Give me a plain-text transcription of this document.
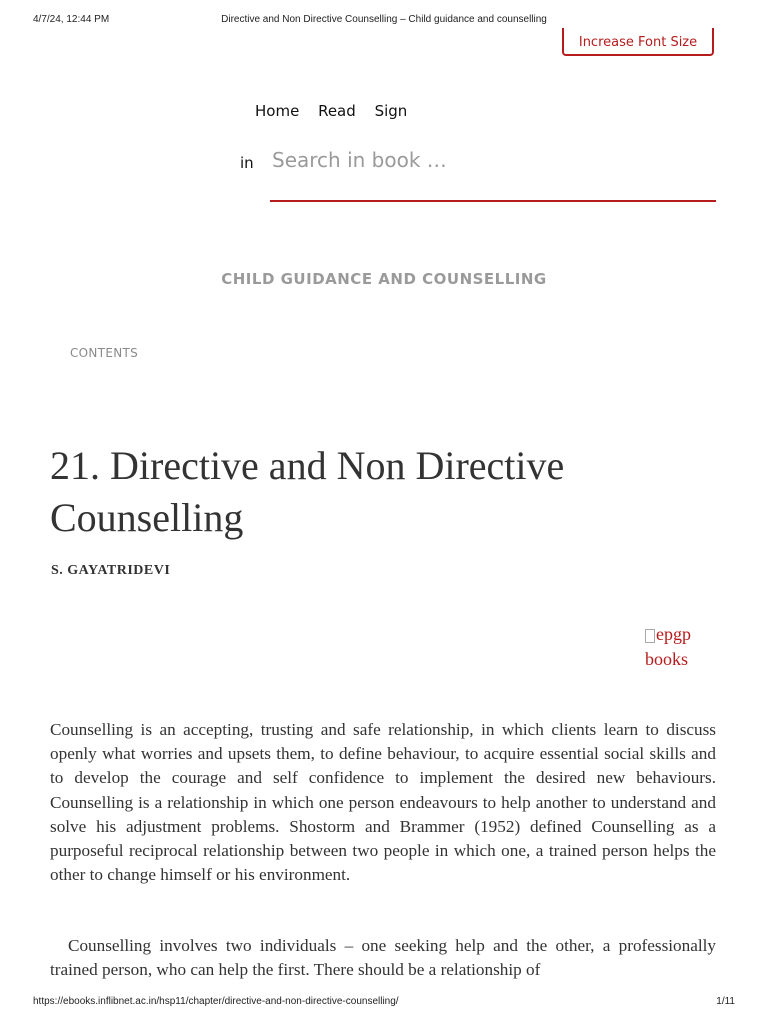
4/7/24, 12:44 PM	Directive and Non Directive Counselling – Child guidance and counselling
Increase Font Size
Home Read Sign
in
Search in book …
CHILD GUIDANCE AND COUNSELLING
CONTENTS
21. Directive and Non Directive Counselling
S. GAYATRIDEVI
epgp
books

Counselling is an accepting, trusting and safe relationship, in which clients learn to discuss openly what worries and upsets them, to define behaviour, to acquire essential social skills and to develop the courage and self confidence to implement the desired new behaviours. Counselling is a relationship in which one person endeavours to help another to understand and solve his adjustment problems. Shostorm and Brammer (1952) defined Counselling as a purposeful reciprocal relationship between two people in which one, a trained person helps the other to change himself or his environment.

Counselling involves two individuals – one seeking help and the other, a professionally trained person, who can help the first. There should be a relationship of

https://ebooks.inflibnet.ac.in/hsp11/chapter/directive-and-non-directive-counselling/	1/11
